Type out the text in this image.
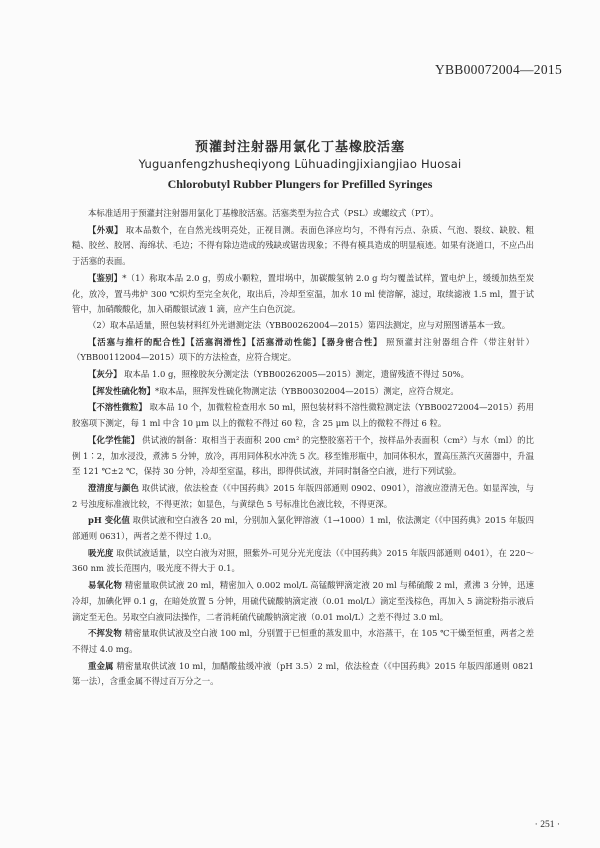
YBB00072004—2015
预灌封注射器用氯化丁基橡胶活塞
Yuguanfengzhusheqiyong Lühuadingjixiangjiao Huosai
Chlorobutyl Rubber Plungers for Prefilled Syringes

本标准适用于预灌封注射器用氯化丁基橡胶活塞。活塞类型为拉合式（PSL）或螺纹式（PT）。

【外观】 取本品数个，在自然光线明亮处，正视目测。表面色泽应均匀，不得有污点、杂质、气泡、裂纹、缺胶、粗糙、胶丝、胶屑、海绵状、毛边；不得有除边造成的残缺或锯齿现象；不得有模具造成的明显痕迹。如果有浇道口，不应凸出于活塞的表面。

【鉴别】*（1）称取本品 2.0 g，剪成小颗粒，置坩埚中，加碳酸氢钠 2.0 g 均匀覆盖试样，置电炉上，缓缓加热至炭化，放冷，置马弗炉 300 ℃炽灼至完全灰化，取出后，冷却至室温，加水 10 ml 使溶解，滤过，取续滤液 1.5 ml，置于试管中，加硝酸酸化，加入硝酸银试液 1 滴，应产生白色沉淀。

（2）取本品适量，照包装材料红外光谱测定法（YBB00262004—2015）第四法测定，应与对照图谱基本一致。

【活塞与推杆的配合性】【活塞润滑性】【活塞滑动性能】【器身密合性】 照预灌封注射器组合件（带注射针）（YBB00112004—2015）项下的方法检查，应符合规定。

【灰分】 取本品 1.0 g，照橡胶灰分测定法（YBB00262005—2015）测定，遗留残渣不得过 50%。

【挥发性硫化物】*取本品，照挥发性硫化物测定法（YBB00302004—2015）测定，应符合规定。

【不溶性微粒】 取本品 10 个，加微粒检查用水 50 ml，照包装材料不溶性微粒测定法（YBB00272004—2015）药用胶塞项下测定，每 1 ml 中含 10 μm 以上的微粒不得过 60 粒，含 25 μm 以上的微粒不得过 6 粒。

【化学性能】 供试液的制备：取相当于表面积 200 cm² 的完整胶塞若干个，按样品外表面积（cm²）与水（ml）的比例 1∶2，加水浸没，煮沸 5 分钟，放冷，再用同体积水冲洗 5 次。移至锥形瓶中，加同体积水，置高压蒸汽灭菌器中，升温至 121 ℃±2 ℃，保持 30 分钟，冷却至室温，移出，即得供试液，并同时制备空白液，进行下列试验。

澄清度与颜色 取供试液，依法检查（《中国药典》2015 年版四部通则 0902、0901），溶液应澄清无色。如显浑浊，与 2 号浊度标准液比较，不得更浓；如显色，与黄绿色 5 号标准比色液比较，不得更深。

pH 变化值 取供试液和空白液各 20 ml，分别加入氯化钾溶液（1→1000）1 ml，依法测定（《中国药典》2015 年版四部通则 0631），两者之差不得过 1.0。

吸光度 取供试液适量，以空白液为对照，照紫外-可见分光光度法（《中国药典》2015 年版四部通则 0401），在 220～360 nm 波长范围内，吸光度不得大于 0.1。

易氧化物 精密量取供试液 20 ml，精密加入 0.002 mol/L 高锰酸钾滴定液 20 ml 与稀硫酸 2 ml，煮沸 3 分钟，迅速冷却，加碘化钾 0.1 g，在暗处放置 5 分钟，用硫代硫酸钠滴定液（0.01 mol/L）滴定至浅棕色，再加入 5 滴淀粉指示液后滴定至无色。另取空白液同法操作，二者消耗硫代硫酸钠滴定液（0.01 mol/L）之差不得过 3.0 ml。

不挥发物 精密量取供试液及空白液 100 ml，分别置于已恒重的蒸发皿中，水浴蒸干，在 105 ℃干燥至恒重，两者之差不得过 4.0 mg。

重金属 精密量取供试液 10 ml，加醋酸盐缓冲液（pH 3.5）2 ml，依法检查（《中国药典》2015 年版四部通则 0821 第一法），含重金属不得过百万分之一。

· 251 ·
